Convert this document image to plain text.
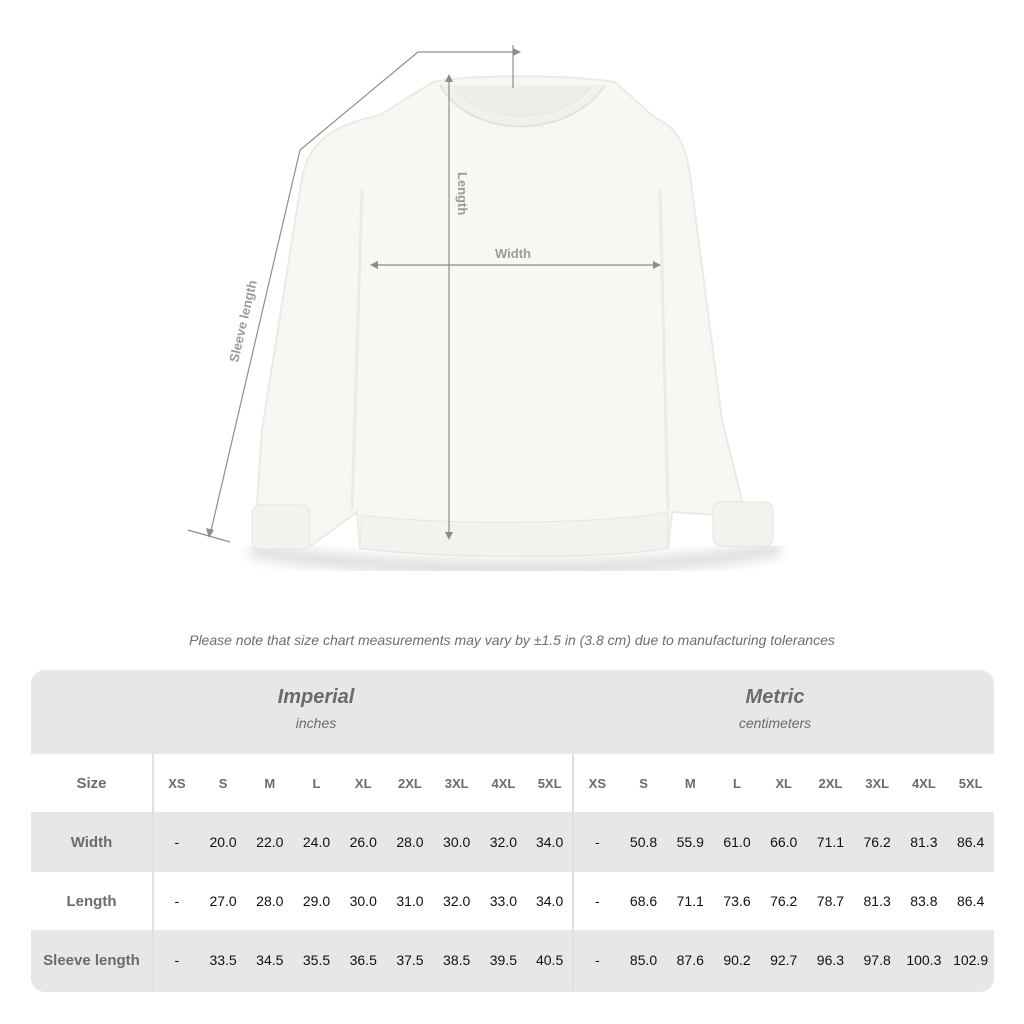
Length
Width
Sleeve length
Please note that size chart measurements may vary by ±1.5 in (3.8 cm) due to manufacturing tolerances
Imperial
inches
Metric
centimeters
Size	XS	S	M	L	XL	2XL	3XL	4XL	5XL	XS	S	M	L	XL	2XL	3XL	4XL	5XL
Width	-	20.0	22.0	24.0	26.0	28.0	30.0	32.0	34.0	-	50.8	55.9	61.0	66.0	71.1	76.2	81.3	86.4
Length	-	27.0	28.0	29.0	30.0	31.0	32.0	33.0	34.0	-	68.6	71.1	73.6	76.2	78.7	81.3	83.8	86.4
Sleeve length	-	33.5	34.5	35.5	36.5	37.5	38.5	39.5	40.5	-	85.0	87.6	90.2	92.7	96.3	97.8	100.3	102.9
